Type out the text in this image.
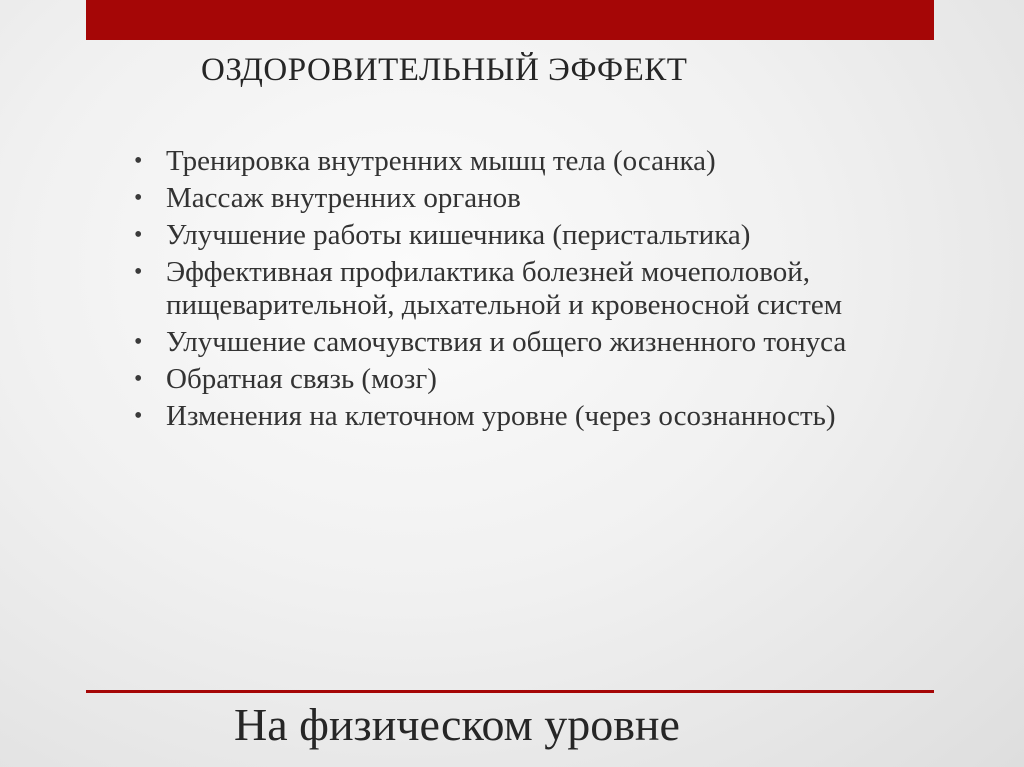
ОЗДОРОВИТЕЛЬНЫЙ ЭФФЕКТ
• Тренировка внутренних мышц тела (осанка)
• Массаж внутренних органов
• Улучшение работы кишечника (перистальтика)
• Эффективная профилактика болезней мочеполовой, пищеварительной, дыхательной и кровеносной систем
• Улучшение самочувствия и общего жизненного тонуса
• Обратная связь (мозг)
• Изменения на клеточном уровне (через осознанность)
На физическом уровне
